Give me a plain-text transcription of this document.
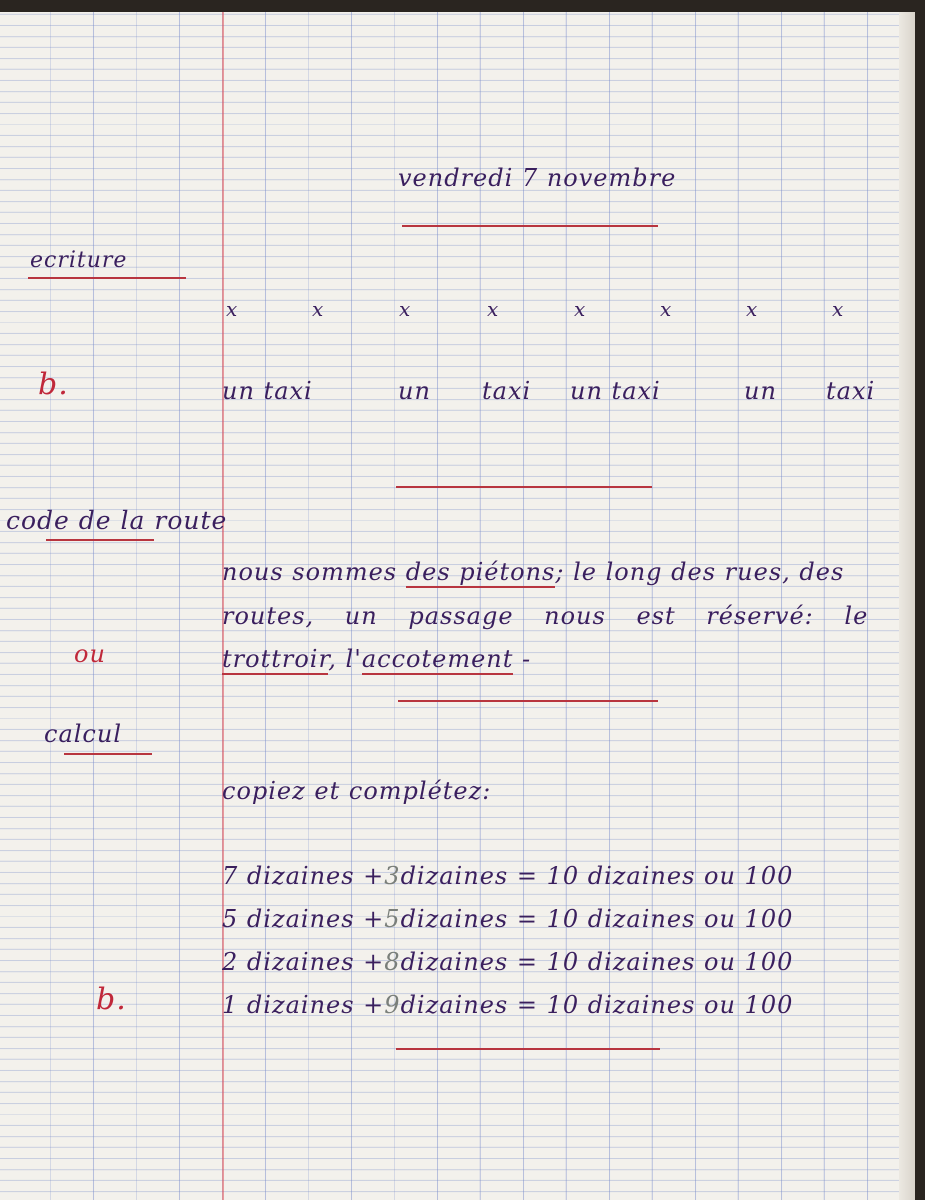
vendredi 7 novembre
ecriture
x	x	x	x	x	x	x	x
b.	un taxi	un taxi un taxi	un taxi
code de la route
nous sommes des piétons; le long des rues, des
routes, un passage nous est réservé: le
trottroir, l'accotement -
ou
calcul
copiez et complétez:
7 dizaines +3dizaines = 10 dizaines ou 100
5 dizaines +5dizaines = 10 dizaines ou 100
2 dizaines +8dizaines = 10 dizaines ou 100
1 dizaines +9dizaines = 10 dizaines ou 100
b.
